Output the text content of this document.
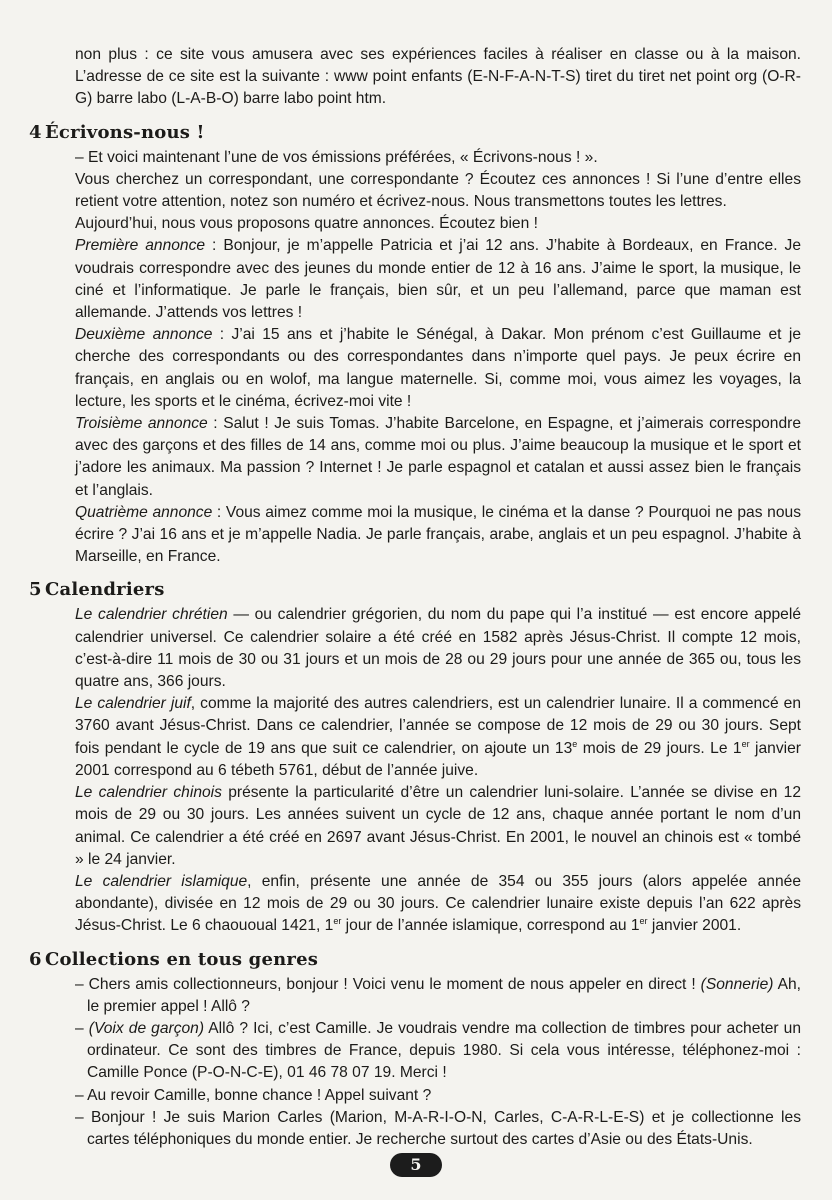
non plus : ce site vous amusera avec ses expériences faciles à réaliser en classe ou à la maison. L’adresse de ce site est la suivante : www point enfants (E-N-F-A-N-T-S) tiret du tiret net point org (O-R-G) barre labo (L-A-B-O) barre labo point htm.

4 Écrivons-nous !

– Et voici maintenant l’une de vos émissions préférées, « Écrivons-nous ! ».

Vous cherchez un correspondant, une correspondante ? Écoutez ces annonces ! Si l’une d’entre elles retient votre attention, notez son numéro et écrivez-nous. Nous transmettons toutes les lettres.

Aujourd’hui, nous vous proposons quatre annonces. Écoutez bien !

Première annonce : Bonjour, je m’appelle Patricia et j’ai 12 ans. J’habite à Bordeaux, en France. Je voudrais correspondre avec des jeunes du monde entier de 12 à 16 ans. J’aime le sport, la musique, le ciné et l’informatique. Je parle le français, bien sûr, et un peu l’allemand, parce que maman est allemande. J’attends vos lettres !

Deuxième annonce : J’ai 15 ans et j’habite le Sénégal, à Dakar. Mon prénom c’est Guillaume et je cherche des correspondants ou des correspondantes dans n’importe quel pays. Je peux écrire en français, en anglais ou en wolof, ma langue maternelle. Si, comme moi, vous aimez les voyages, la lecture, les sports et le cinéma, écrivez-moi vite !

Troisième annonce : Salut ! Je suis Tomas. J’habite Barcelone, en Espagne, et j’aimerais correspondre avec des garçons et des filles de 14 ans, comme moi ou plus. J’aime beaucoup la musique et le sport et j’adore les animaux. Ma passion ? Internet ! Je parle espagnol et catalan et aussi assez bien le français et l’anglais.

Quatrième annonce : Vous aimez comme moi la musique, le cinéma et la danse ? Pourquoi ne pas nous écrire ? J’ai 16 ans et je m’appelle Nadia. Je parle français, arabe, anglais et un peu espagnol. J’habite à Marseille, en France.

5 Calendriers

Le calendrier chrétien — ou calendrier grégorien, du nom du pape qui l’a institué — est encore appelé calendrier universel. Ce calendrier solaire a été créé en 1582 après Jésus-Christ. Il compte 12 mois, c’est-à-dire 11 mois de 30 ou 31 jours et un mois de 28 ou 29 jours pour une année de 365 ou, tous les quatre ans, 366 jours.

Le calendrier juif, comme la majorité des autres calendriers, est un calendrier lunaire. Il a commencé en 3760 avant Jésus-Christ. Dans ce calendrier, l’année se compose de 12 mois de 29 ou 30 jours. Sept fois pendant le cycle de 19 ans que suit ce calendrier, on ajoute un 13e mois de 29 jours. Le 1er janvier 2001 correspond au 6 tébeth 5761, début de l’année juive.

Le calendrier chinois présente la particularité d’être un calendrier luni-solaire. L’année se divise en 12 mois de 29 ou 30 jours. Les années suivent un cycle de 12 ans, chaque année portant le nom d’un animal. Ce calendrier a été créé en 2697 avant Jésus-Christ. En 2001, le nouvel an chinois est « tombé » le 24 janvier.

Le calendrier islamique, enfin, présente une année de 354 ou 355 jours (alors appelée année abondante), divisée en 12 mois de 29 ou 30 jours. Ce calendrier lunaire existe depuis l’an 622 après Jésus-Christ. Le 6 chaououal 1421, 1er jour de l’année islamique, correspond au 1er janvier 2001.

6 Collections en tous genres

– Chers amis collectionneurs, bonjour ! Voici venu le moment de nous appeler en direct ! (Sonnerie) Ah, le premier appel ! Allô ?

– (Voix de garçon) Allô ? Ici, c’est Camille. Je voudrais vendre ma collection de timbres pour acheter un ordinateur. Ce sont des timbres de France, depuis 1980. Si cela vous intéresse, téléphonez-moi : Camille Ponce (P-O-N-C-E), 01 46 78 07 19. Merci !

– Au revoir Camille, bonne chance ! Appel suivant ?

– Bonjour ! Je suis Marion Carles (Marion, M-A-R-I-O-N, Carles, C-A-R-L-E-S) et je collectionne les cartes téléphoniques du monde entier. Je recherche surtout des cartes d’Asie ou des États-Unis.

5
